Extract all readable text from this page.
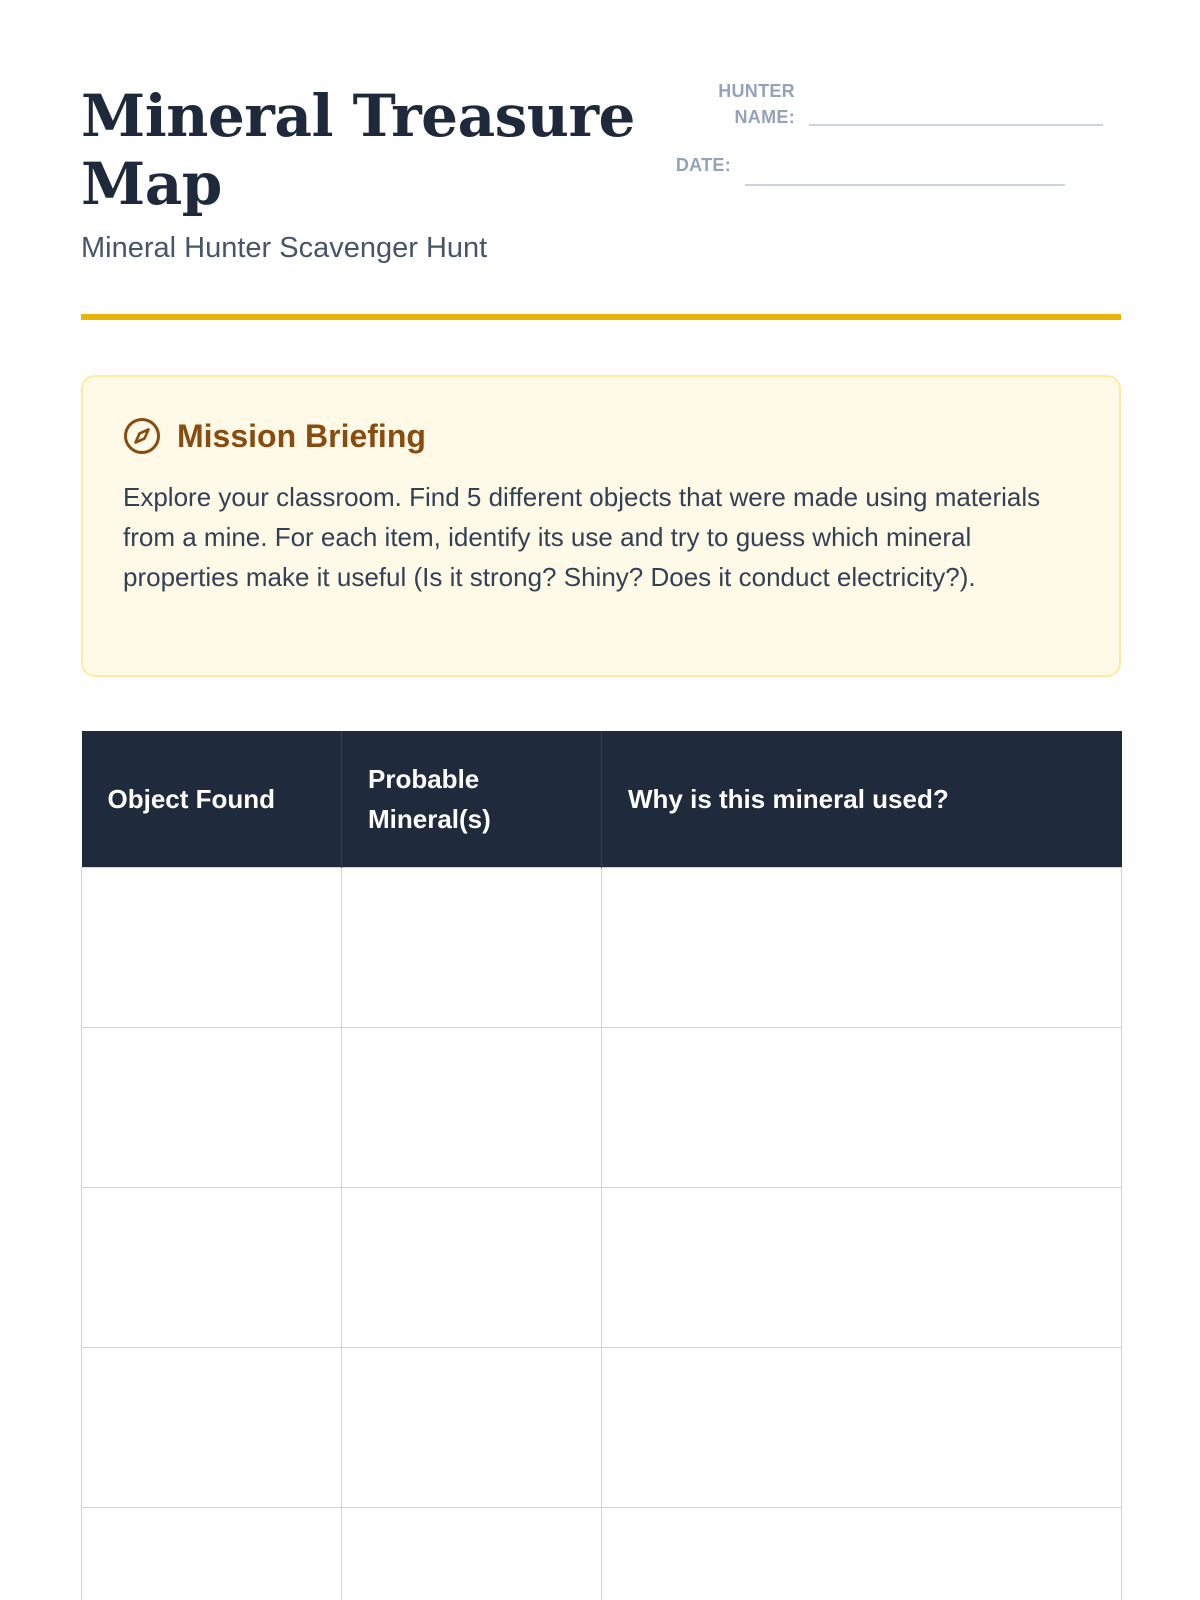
Mineral Treasure Map
Mineral Hunter Scavenger Hunt
HUNTER NAME:
DATE:
Mission Briefing

Explore your classroom. Find 5 different objects that were made using materials from a mine. For each item, identify its use and try to guess which mineral properties make it useful (Is it strong? Shiny? Does it conduct electricity?).

Object Found	Probable Mineral(s)	Why is this mineral used?
